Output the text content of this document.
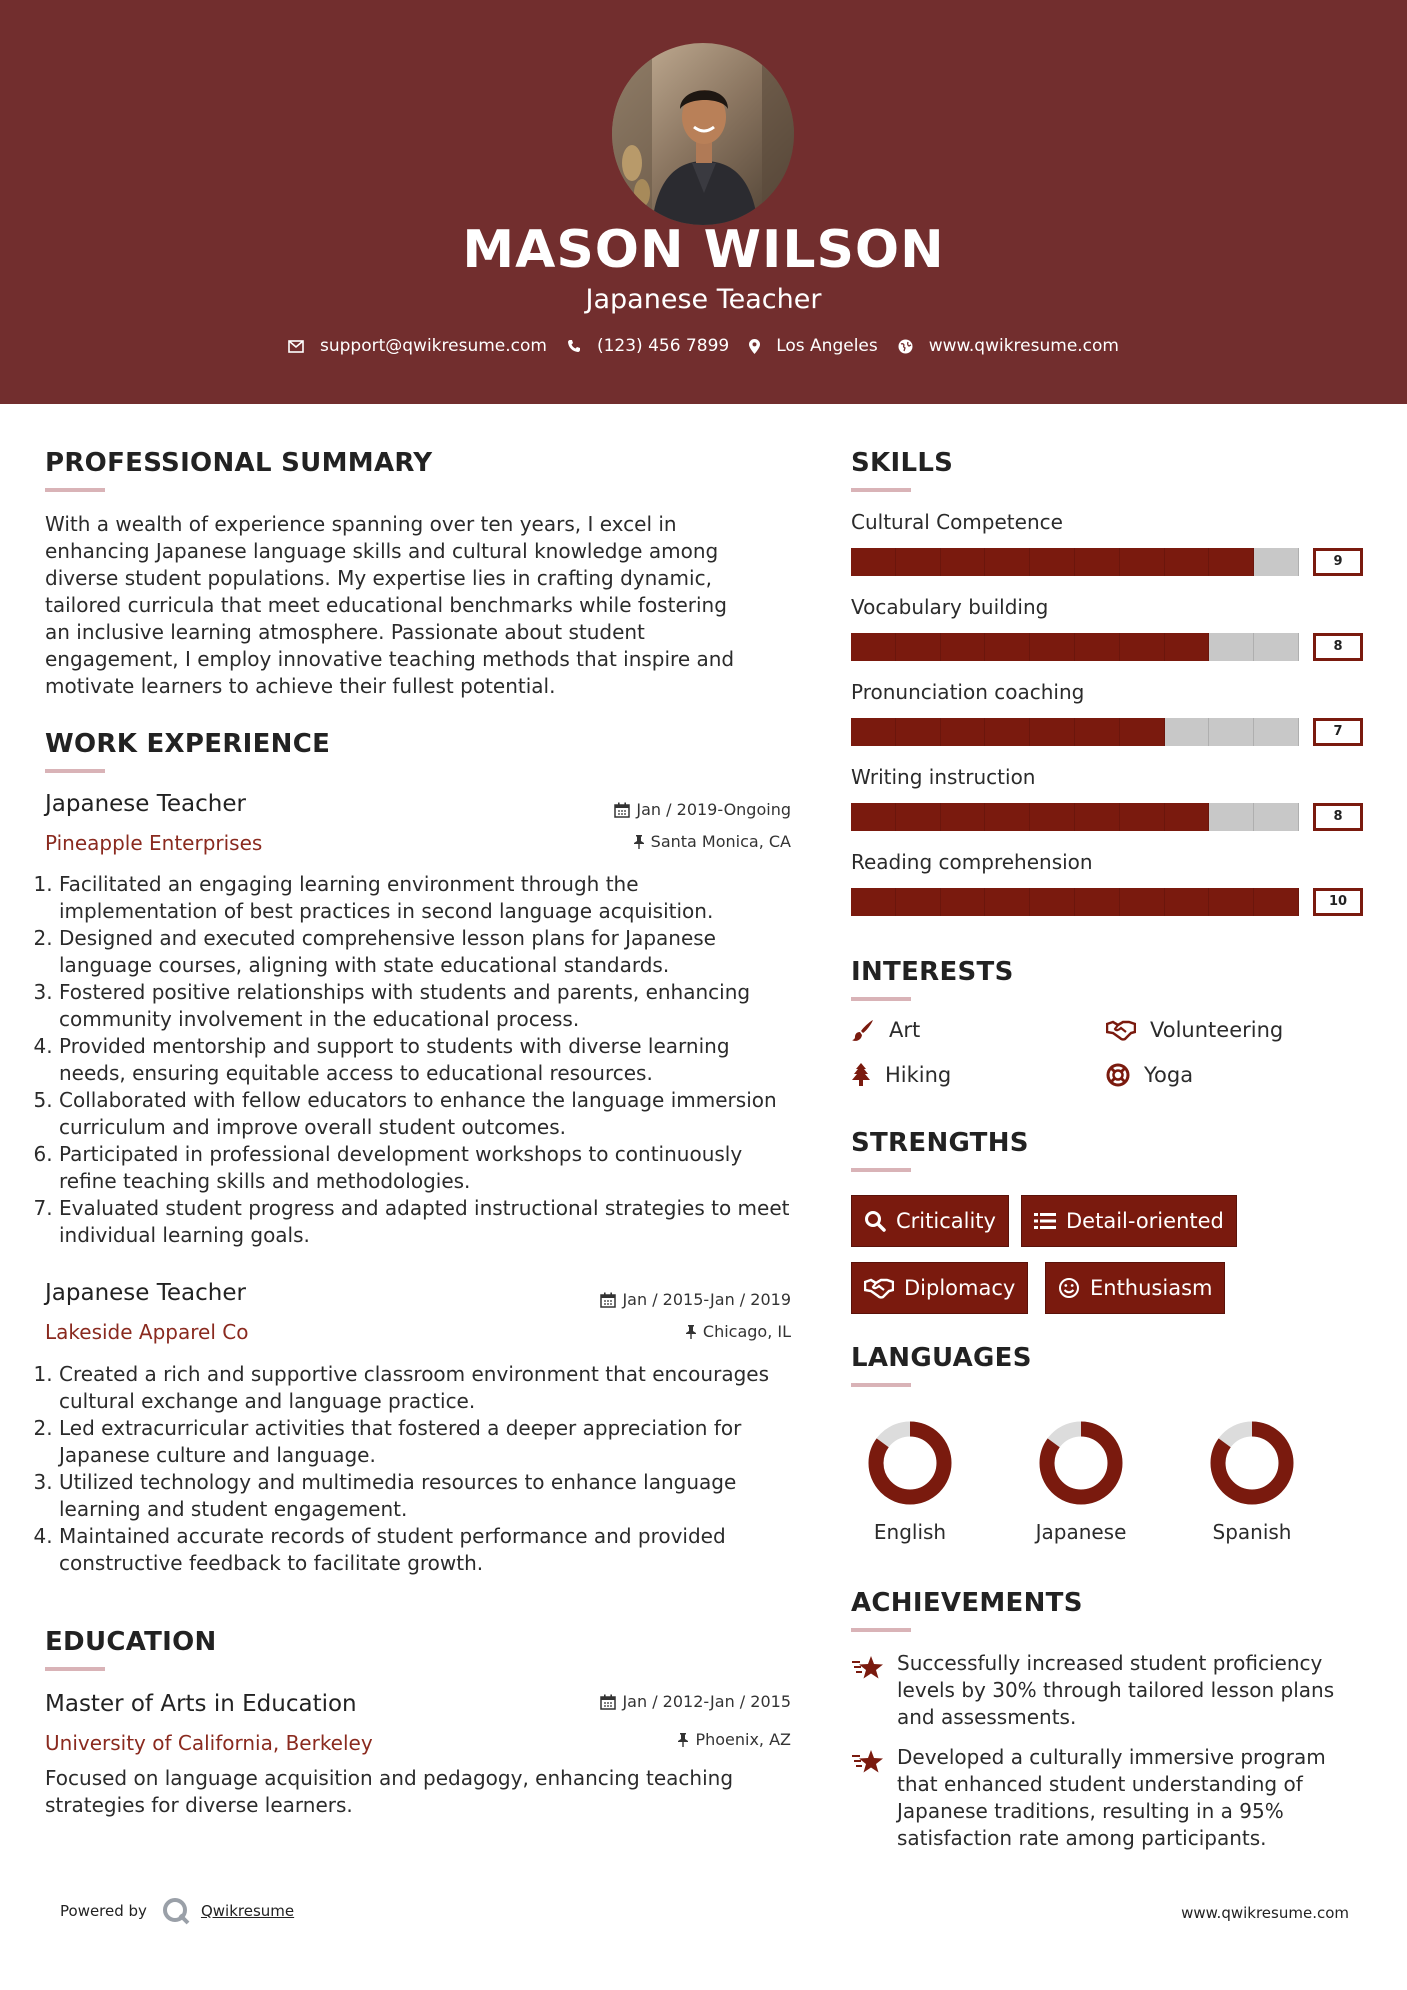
MASON WILSON
Japanese Teacher
support@qwikresume.com	(123) 456 7899	Los Angeles	www.qwikresume.com
PROFESSIONAL SUMMARY
With a wealth of experience spanning over ten years, I excel in
enhancing Japanese language skills and cultural knowledge among
diverse student populations. My expertise lies in crafting dynamic,
tailored curricula that meet educational benchmarks while fostering
an inclusive learning atmosphere. Passionate about student
engagement, I employ innovative teaching methods that inspire and
motivate learners to achieve their fullest potential.
WORK EXPERIENCE
Japanese Teacher
Pineapple Enterprises
Jan / 2019-Ongoing
Santa Monica, CA
1. Facilitated an engaging learning environment through the implementation of best practices in second language acquisition.
2. Designed and executed comprehensive lesson plans for Japanese language courses, aligning with state educational standards.
3. Fostered positive relationships with students and parents, enhancing community involvement in the educational process.
4. Provided mentorship and support to students with diverse learning needs, ensuring equitable access to educational resources.
5. Collaborated with fellow educators to enhance the language immersion curriculum and improve overall student outcomes.
6. Participated in professional development workshops to continuously refine teaching skills and methodologies.
7. Evaluated student progress and adapted instructional strategies to meet individual learning goals.
Japanese Teacher
Lakeside Apparel Co
Jan / 2015-Jan / 2019
Chicago, IL
1. Created a rich and supportive classroom environment that encourages cultural exchange and language practice.
2. Led extracurricular activities that fostered a deeper appreciation for Japanese culture and language.
3. Utilized technology and multimedia resources to enhance language learning and student engagement.
4. Maintained accurate records of student performance and provided constructive feedback to facilitate growth.
EDUCATION
Master of Arts in Education
University of California, Berkeley
Jan / 2012-Jan / 2015
Phoenix, AZ
Focused on language acquisition and pedagogy, enhancing teaching
strategies for diverse learners.
SKILLS
Cultural Competence
9
Vocabulary building
8
Pronunciation coaching
7
Writing instruction
8
Reading comprehension
10
INTERESTS
Art	Volunteering
Hiking	Yoga
STRENGTHS
Criticality	Detail-oriented
Diplomacy	Enthusiasm
LANGUAGES
English	Japanese	Spanish
ACHIEVEMENTS
Successfully increased student proficiency
levels by 30% through tailored lesson plans
and assessments.
Developed a culturally immersive program
that enhanced student understanding of
Japanese traditions, resulting in a 95%
satisfaction rate among participants.
Powered by	Qwikresume	www.qwikresume.com
